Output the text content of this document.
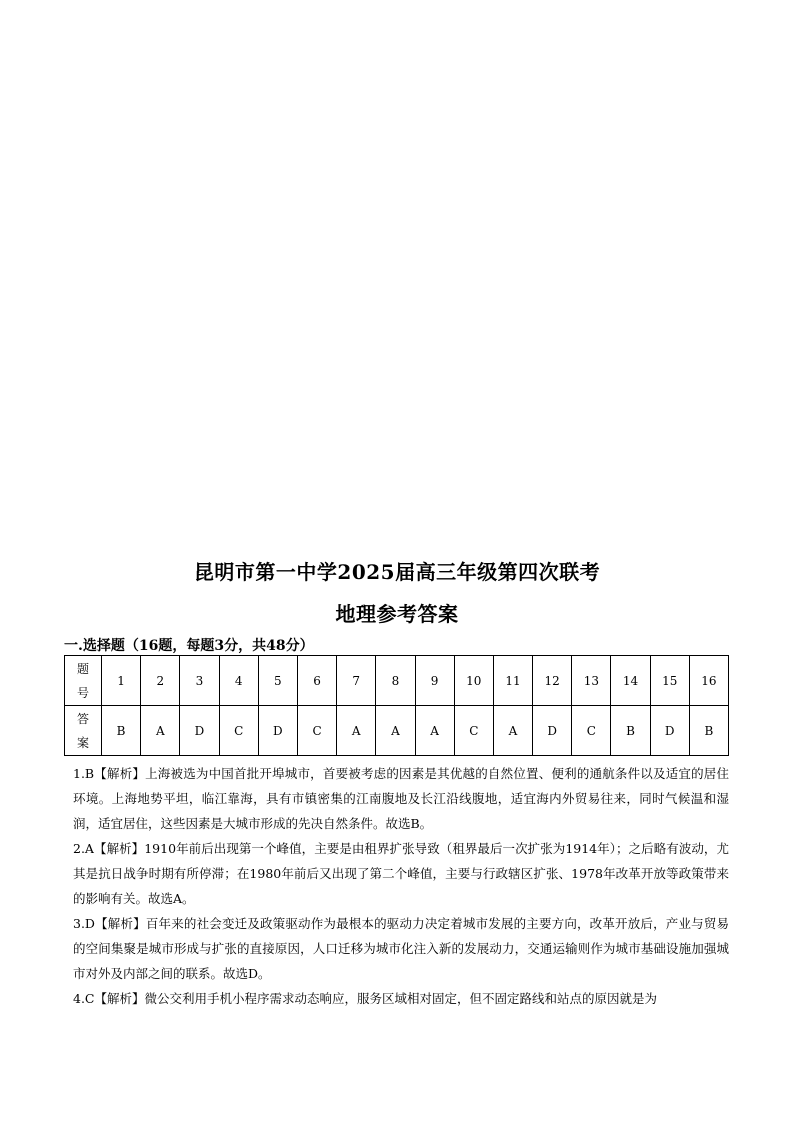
昆明市第一中学2025届高三年级第四次联考
地理参考答案

一.选择题（16题，每题3分，共48分）

题
号	1	2	3	4	5	6	7	8	9	10	11	12	13	14	15	16

答
案	B	A	D	C	D	C	A	A	A	C	A	D	C	B	D	B

1.B【解析】上海被选为中国首批开埠城市，首要被考虑的因素是其优越的自然位置、便利的通航条件以及适宜的居住环境。上海地势平坦，临江靠海，具有市镇密集的江南腹地及长江沿线腹地，适宜海内外贸易往来，同时气候温和湿润，适宜居住，这些因素是大城市形成的先决自然条件。故选B。

2.A【解析】1910年前后出现第一个峰值，主要是由租界扩张导致（租界最后一次扩张为1914年）；之后略有波动，尤其是抗日战争时期有所停滞；在1980年前后又出现了第二个峰值，主要与行政辖区扩张、1978年改革开放等政策带来的影响有关。故选A。

3.D【解析】百年来的社会变迁及政策驱动作为最根本的驱动力决定着城市发展的主要方向，改革开放后，产业与贸易的空间集聚是城市形成与扩张的直接原因，人口迁移为城市化注入新的发展动力，交通运输则作为城市基础设施加强城市对外及内部之间的联系。故选D。

4.C【解析】微公交利用手机小程序需求动态响应，服务区域相对固定，但不固定路线和站点的原因就是为
